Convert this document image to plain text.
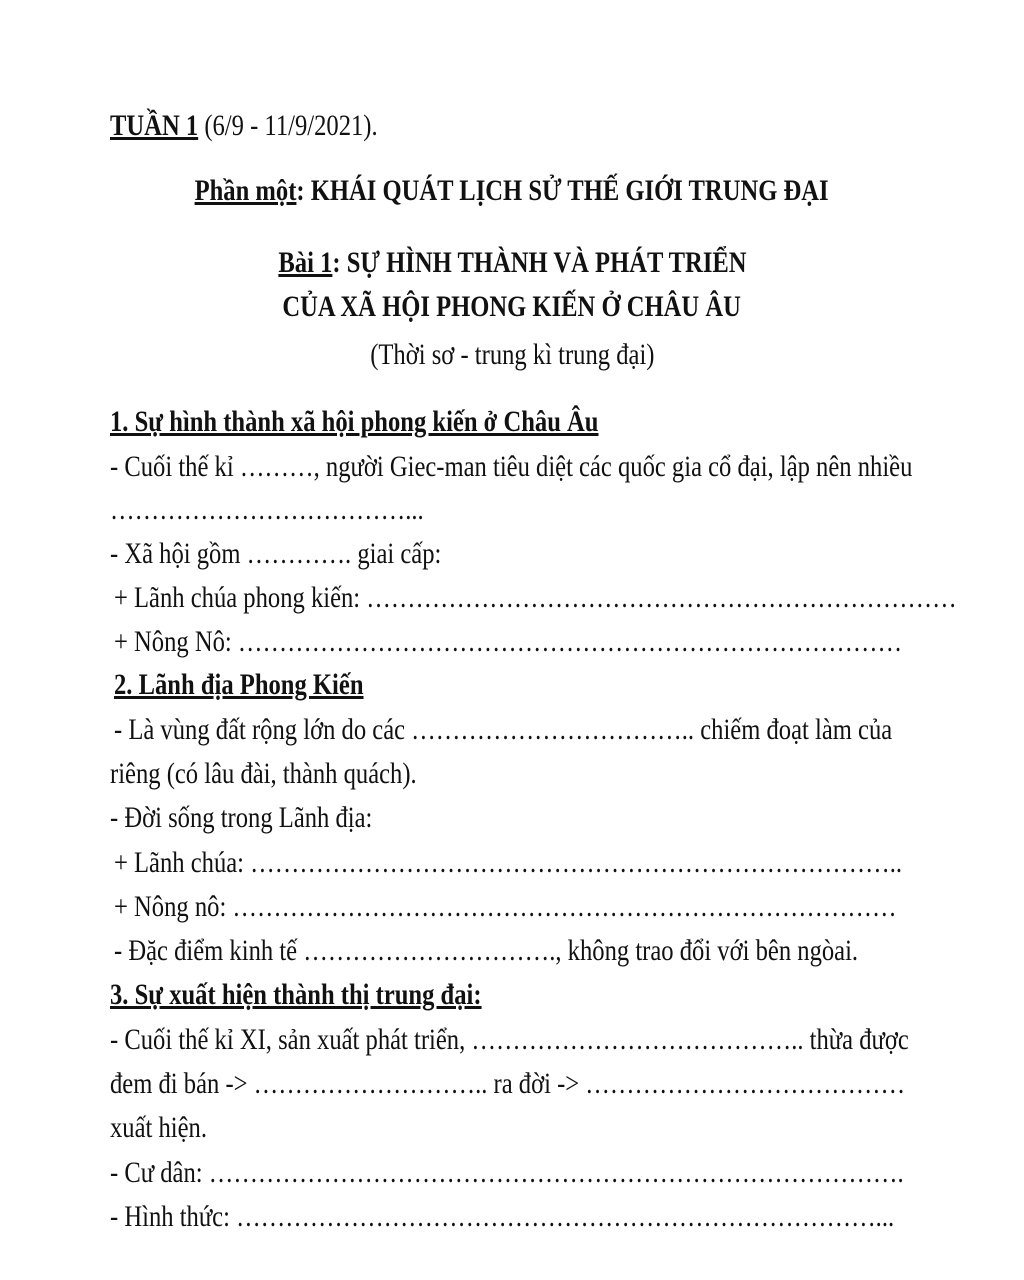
TUẦN 1 (6/9 - 11/9/2021).
Phần một: KHÁI QUÁT LỊCH SỬ THẾ GIỚI TRUNG ĐẠI
Bài 1: SỰ HÌNH THÀNH VÀ PHÁT TRIỂN
CỦA XÃ HỘI PHONG KIẾN Ở CHÂU ÂU
(Thời sơ - trung kì trung đại)
1. Sự hình thành xã hội phong kiến ở Châu Âu
- Cuối thế kỉ ………, người Giec-man tiêu diệt các quốc gia cổ đại, lập nên nhiều
………………………………...
- Xã hội gồm …………. giai cấp:
+ Lãnh chúa phong kiến: ………………………………………………………………
+ Nông Nô: ………………………………………………………………………
2. Lãnh địa Phong Kiến
- Là vùng đất rộng lớn do các …………………………….. chiếm đoạt làm của
riêng (có lâu đài, thành quách).
- Đời sống trong Lãnh địa:
+ Lãnh chúa: ……………………………………………………………………..
+ Nông nô: ………………………………………………………………………
- Đặc điểm kinh tế …………………………., không trao đổi với bên ngòai.
3. Sự xuất hiện thành thị trung đại:
- Cuối thế kỉ XI, sản xuất phát triển, ………………………………….. thừa được
đem đi bán -> ……………………….. ra đời -> …………………………………
xuất hiện.
- Cư dân: ………………………………………………………………………….
- Hình thức: ……………………………………………………………………...
